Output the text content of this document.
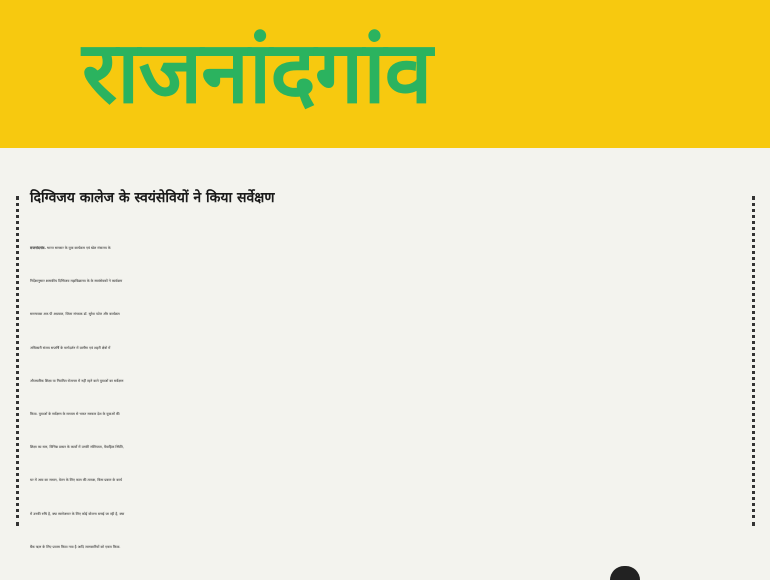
राजनांदगांव
दिग्विजय कालेज के स्वयंसेवियों ने किया सर्वेक्षण
राजनांदगांव. भारत सरकार के युवा कार्यक्रम एवं खेल मंत्रालय के
निर्देशानुसार शासकीय दिग्विजय महाविद्यालय के के स्वयंसेवकों ने कार्यक्रम
समन्वयक आर.पी अग्रवाल, जिला संगठक डॉ. सुरेश पटेल और कार्यक्रम
अधिकारी संजय सप्तर्षि के मार्गदर्शन में ग्रामीण एवं शहरी क्षेत्रो में
औपचारिक शिक्षा या नियमित रोजगार में नहीं रहने वाले युवाओं का सर्वेक्षण
किया. युवाओं के सर्वेक्षण के माध्यम से भारत सरकार देश के युवाओं की
शिक्षा का स्तर, विभिन्न प्रकार के कार्यो में उनकी संलिप्तता, वैवाहिक स्थिति,
घर में आय का साधन, वेतन के लिए काम की तलाश, किस प्रकार के कार्य
में उनकी रुचि है, क्या स्वरोजगार के लिए कोई योजना बनाई जा रही है, क्या
बैंक ऋण के लिए प्रयास किया गया है आदि जानकारियों को एकत्र किया.
